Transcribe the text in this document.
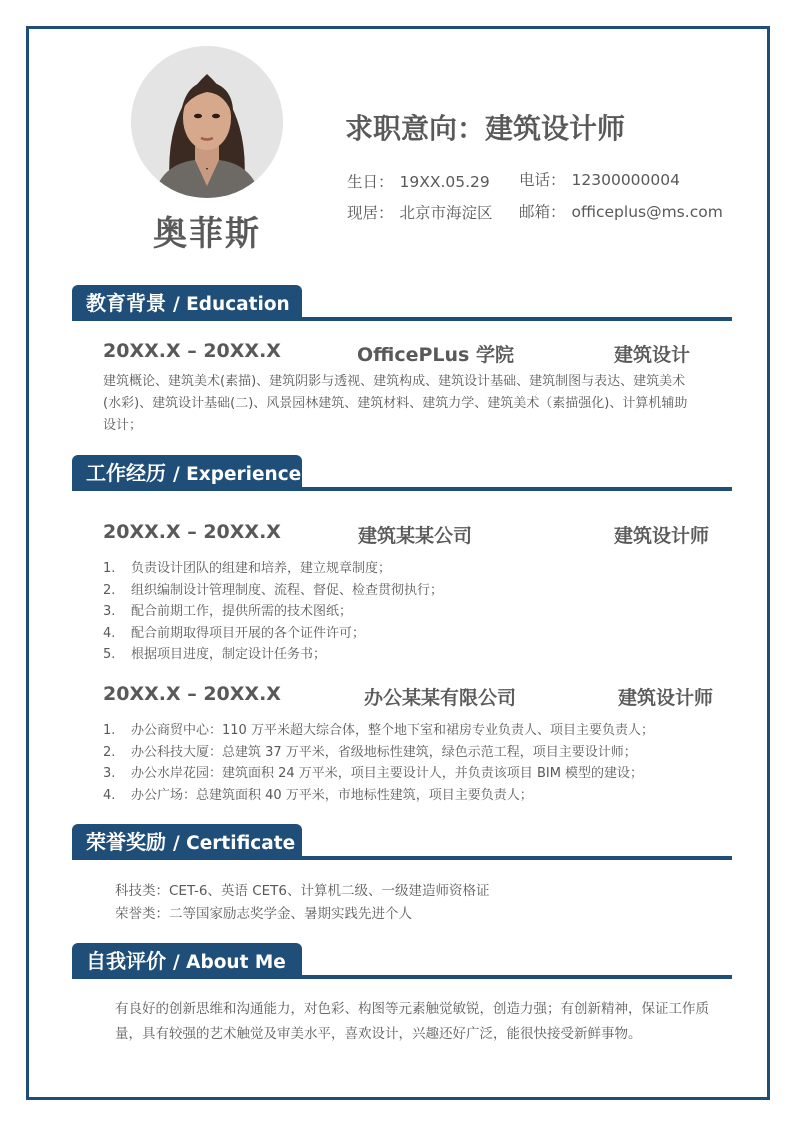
奥菲斯
求职意向：建筑设计师
生日： 19XX.05.29 电话： 12300000004
现居： 北京市海淀区 邮箱： officeplus@ms.com
教育背景 / Education
20XX.X – 20XX.X	OfficePLus 学院	建筑设计
建筑概论、建筑美术(素描)、建筑阴影与透视、建筑构成、建筑设计基础、建筑制图与表达、建筑美术(水彩)、建筑设计基础(二)、风景园林建筑、建筑材料、建筑力学、建筑美术（素描强化)、计算机辅助设计；
工作经历 / Experience
20XX.X – 20XX.X	建筑某某公司	建筑设计师
1. 负责设计团队的组建和培养，建立规章制度；
2. 组织编制设计管理制度、流程、督促、检查贯彻执行；
3. 配合前期工作，提供所需的技术图纸；
4. 配合前期取得项目开展的各个证件许可；
5. 根据项目进度，制定设计任务书；
20XX.X – 20XX.X	办公某某有限公司	建筑设计师
1. 办公商贸中心：110 万平米超大综合体，整个地下室和裙房专业负责人、项目主要负责人；
2. 办公科技大厦：总建筑 37 万平米，省级地标性建筑，绿色示范工程，项目主要设计师；
3. 办公水岸花园：建筑面积 24 万平米，项目主要设计人，并负责该项目 BIM 模型的建设；
4. 办公广场：总建筑面积 40 万平米，市地标性建筑，项目主要负责人；
荣誉奖励 / Certificate
科技类：CET-6、英语 CET6、计算机二级、一级建造师资格证
荣誉类：二等国家励志奖学金、暑期实践先进个人
自我评价 / About Me
有良好的创新思维和沟通能力，对色彩、构图等元素触觉敏锐，创造力强；有创新精神，保证工作质量，具有较强的艺术触觉及审美水平，喜欢设计，兴趣还好广泛，能很快接受新鲜事物。
